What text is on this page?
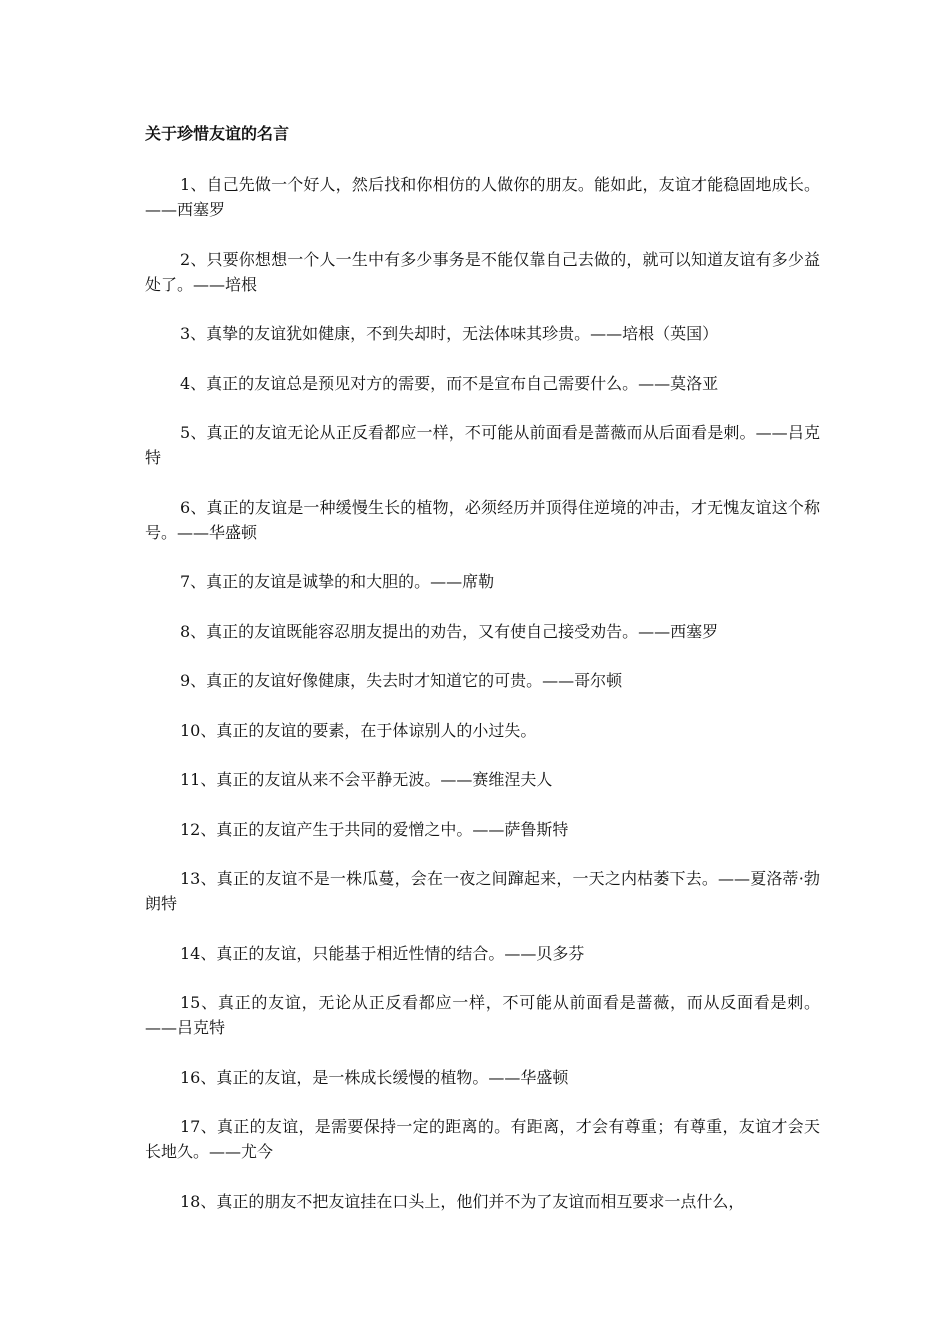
关于珍惜友谊的名言
1、自己先做一个好人，然后找和你相仿的人做你的朋友。能如此，友谊才能稳固地成长。——西塞罗
2、只要你想想一个人一生中有多少事务是不能仅靠自己去做的，就可以知道友谊有多少益处了。——培根
3、真挚的友谊犹如健康，不到失却时，无法体味其珍贵。——培根（英国）
4、真正的友谊总是预见对方的需要，而不是宣布自己需要什么。——莫洛亚
5、真正的友谊无论从正反看都应一样，不可能从前面看是蔷薇而从后面看是刺。——吕克特
6、真正的友谊是一种缓慢生长的植物，必须经历并顶得住逆境的冲击，才无愧友谊这个称号。——华盛顿
7、真正的友谊是诚挚的和大胆的。——席勒
8、真正的友谊既能容忍朋友提出的劝告，又有使自己接受劝告。——西塞罗
9、真正的友谊好像健康，失去时才知道它的可贵。——哥尔顿
10、真正的友谊的要素，在于体谅别人的小过失。
11、真正的友谊从来不会平静无波。——赛维涅夫人
12、真正的友谊产生于共同的爱憎之中。——萨鲁斯特
13、真正的友谊不是一株瓜蔓，会在一夜之间蹿起来，一天之内枯萎下去。——夏洛蒂·勃朗特
14、真正的友谊，只能基于相近性情的结合。——贝多芬
15、真正的友谊，无论从正反看都应一样，不可能从前面看是蔷薇，而从反面看是刺。——吕克特
16、真正的友谊，是一株成长缓慢的植物。——华盛顿
17、真正的友谊，是需要保持一定的距离的。有距离，才会有尊重；有尊重，友谊才会天长地久。——尤今
18、真正的朋友不把友谊挂在口头上，他们并不为了友谊而相互要求一点什么，
